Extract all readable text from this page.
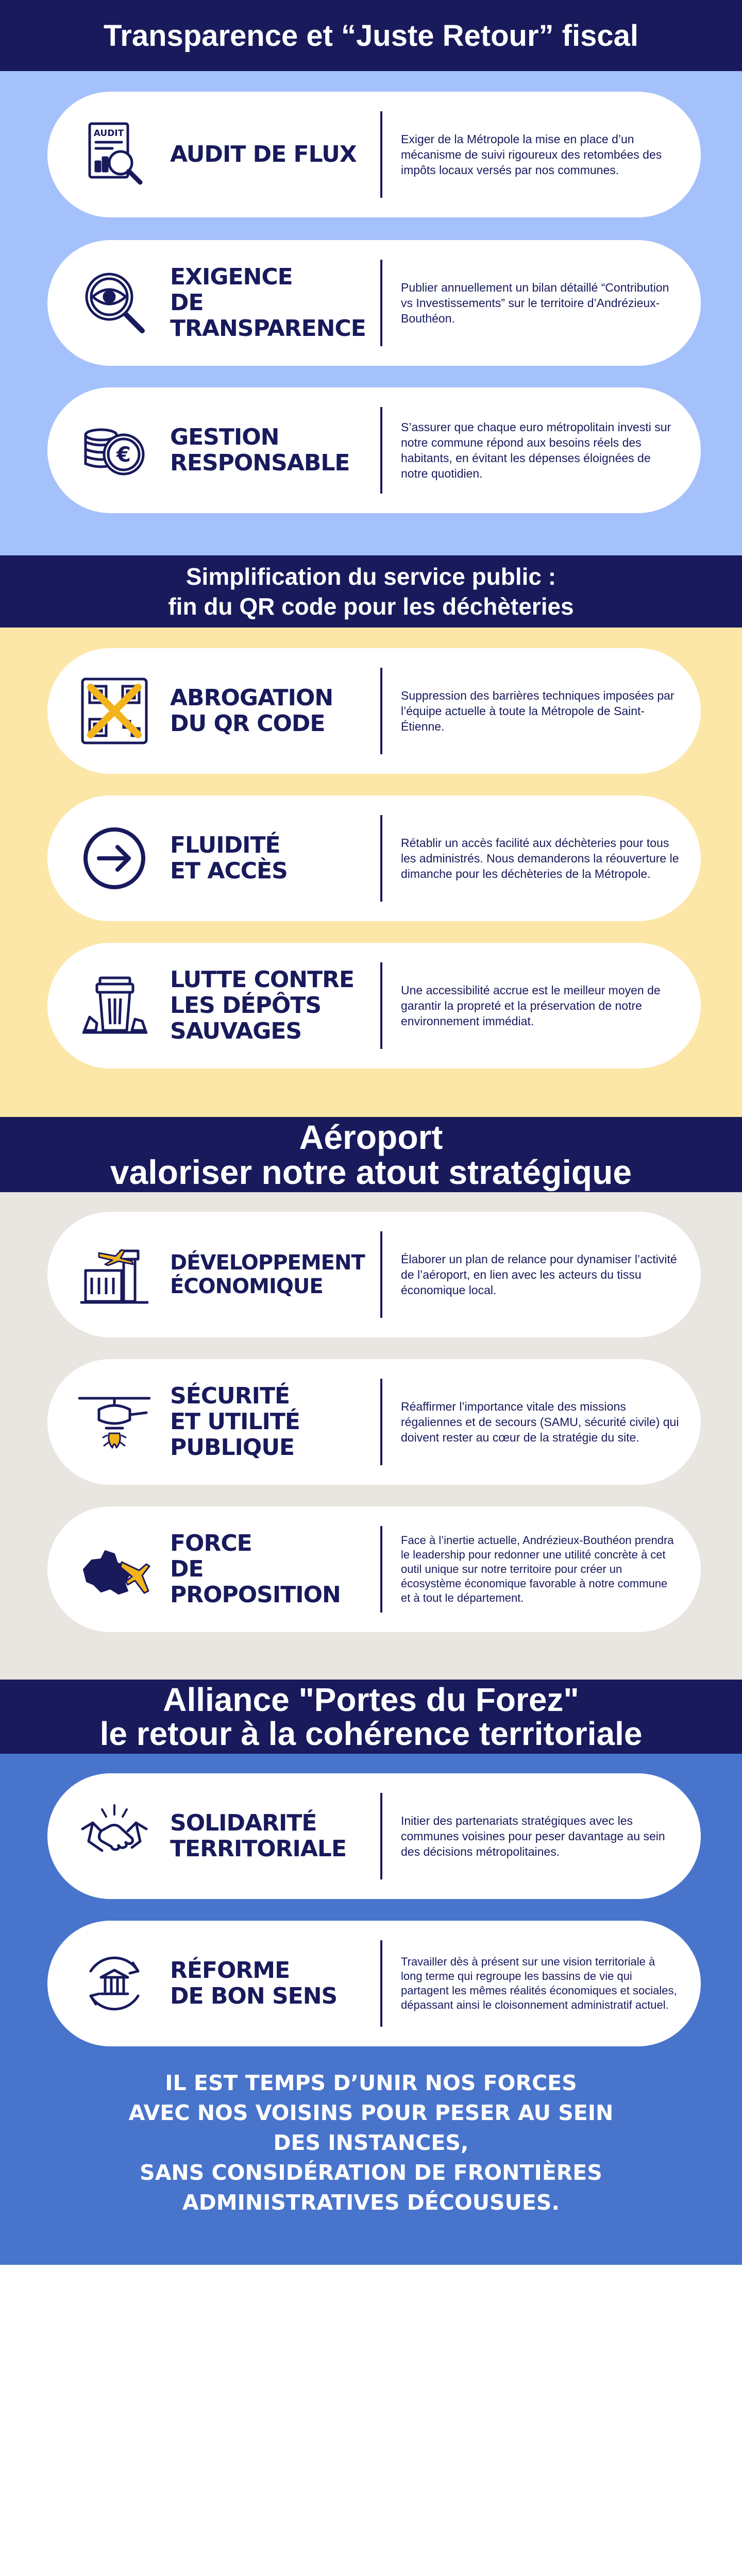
Transparence et “Juste Retour” fiscal
AUDIT
AUDIT DE FLUX
Exiger de la Métropole la mise en place d’un mécanisme de suivi rigoureux des retombées des impôts locaux versés par nos communes.
EXIGENCE
DE TRANSPARENCE
Publier annuellement un bilan détaillé “Contribution vs Investissements” sur le territoire d’Andrézieux-Bouthéon.
€
GESTION
RESPONSABLE
S’assurer que chaque euro métropolitain investi sur notre commune répond aux besoins réels des habitants, en évitant les dépenses éloignées de notre quotidien.
Simplification du service public :
fin du QR code pour les déchèteries
ABROGATION
DU QR CODE
Suppression des barrières techniques imposées par l’équipe actuelle à toute la Métropole de Saint-Étienne.
FLUIDITÉ
ET ACCÈS
Rétablir un accès facilité aux déchèteries pour tous les administrés. Nous demanderons la réouverture le dimanche pour les déchèteries de la Métropole.
LUTTE CONTRE
LES DÉPÔTS
SAUVAGES
Une accessibilité accrue est le meilleur moyen de garantir la propreté et la préservation de notre environnement immédiat.
Aéroport
valoriser notre atout stratégique
DÉVELOPPEMENT
ÉCONOMIQUE
Élaborer un plan de relance pour dynamiser l’activité de l’aéroport, en lien avec les acteurs du tissu économique local.
SÉCURITÉ
ET UTILITÉ
PUBLIQUE
Réaffirmer l’importance vitale des missions régaliennes et de secours (SAMU, sécurité civile) qui doivent rester au cœur de la stratégie du site.
FORCE
DE
PROPOSITION
Face à l’inertie actuelle, Andrézieux-Bouthéon prendra le leadership pour redonner une utilité concrète à cet outil unique sur notre territoire pour créer un écosystème économique favorable à notre commune et à tout le département.
Alliance "Portes du Forez"
le retour à la cohérence territoriale
SOLIDARITÉ
TERRITORIALE
Initier des partenariats stratégiques avec les communes voisines pour peser davantage au sein des décisions métropolitaines.
RÉFORME
DE BON SENS
Travailler dès à présent sur une vision territoriale à long terme qui regroupe les bassins de vie qui partagent les mêmes réalités économiques et sociales, dépassant ainsi le cloisonnement administratif actuel.
IL EST TEMPS D’UNIR NOS FORCES
AVEC NOS VOISINS POUR PESER AU SEIN
DES INSTANCES,
SANS CONSIDÉRATION DE FRONTIÈRES
ADMINISTRATIVES DÉCOUSUES.
